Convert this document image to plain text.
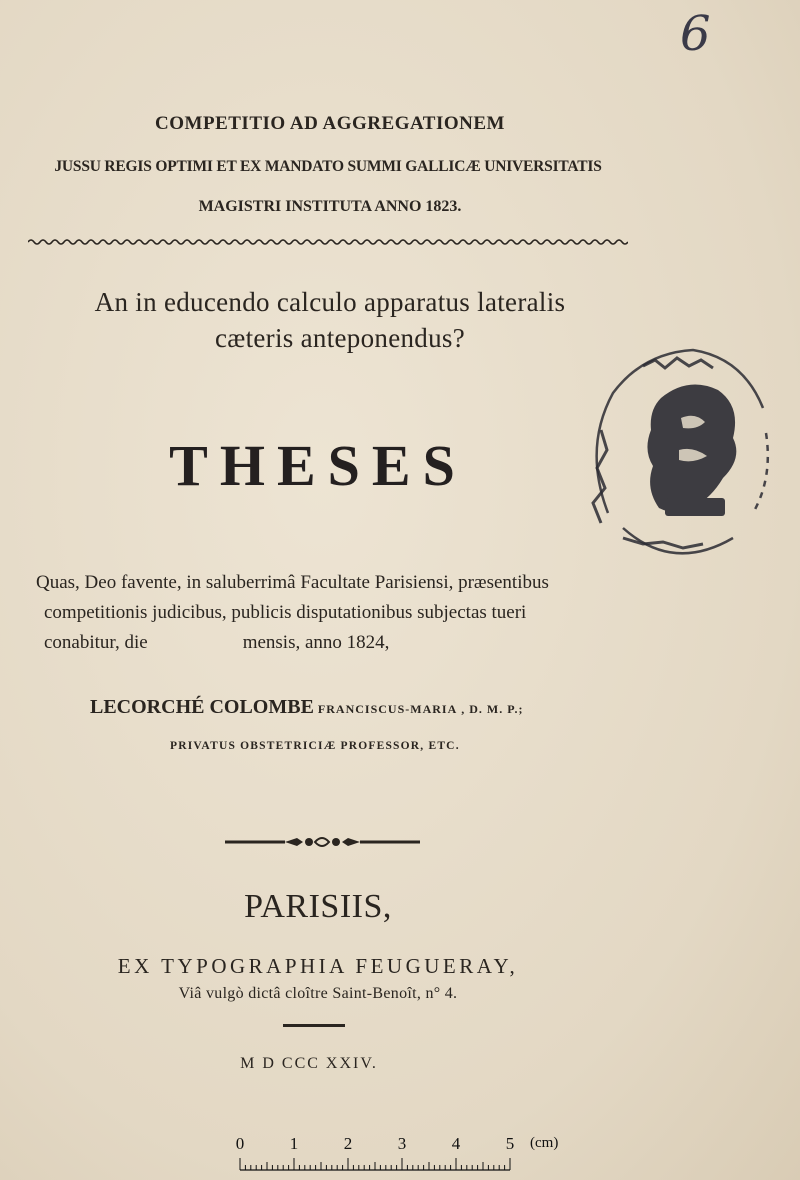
6
COMPETITIO AD AGGREGATIONEM
JUSSU REGIS OPTIMI ET EX MANDATO SUMMI GALLICÆ UNIVERSITATIS
MAGISTRI INSTITUTA ANNO 1823.
An in educendo calculo apparatus lateralis
cæteris anteponendus?
THESES
Quas, Deo favente, in saluberrimâ Facultate Parisiensi, præsentibus
competitionis judicibus, publicis disputationibus subjectas tueri
conabitur, die	mensis, anno 1824,
LECORCHÉ COLOMBE FRANCISCUS-MARIA , D. M. P.;
PRIVATUS OBSTETRICIÆ PROFESSOR, ETC.
PARISIIS,
EX TYPOGRAPHIA FEUGUERAY,
Viâ vulgò dictâ cloître Saint-Benoît, n° 4.
M D CCC XXIV.
0	1	2	3	4	5 (cm)
